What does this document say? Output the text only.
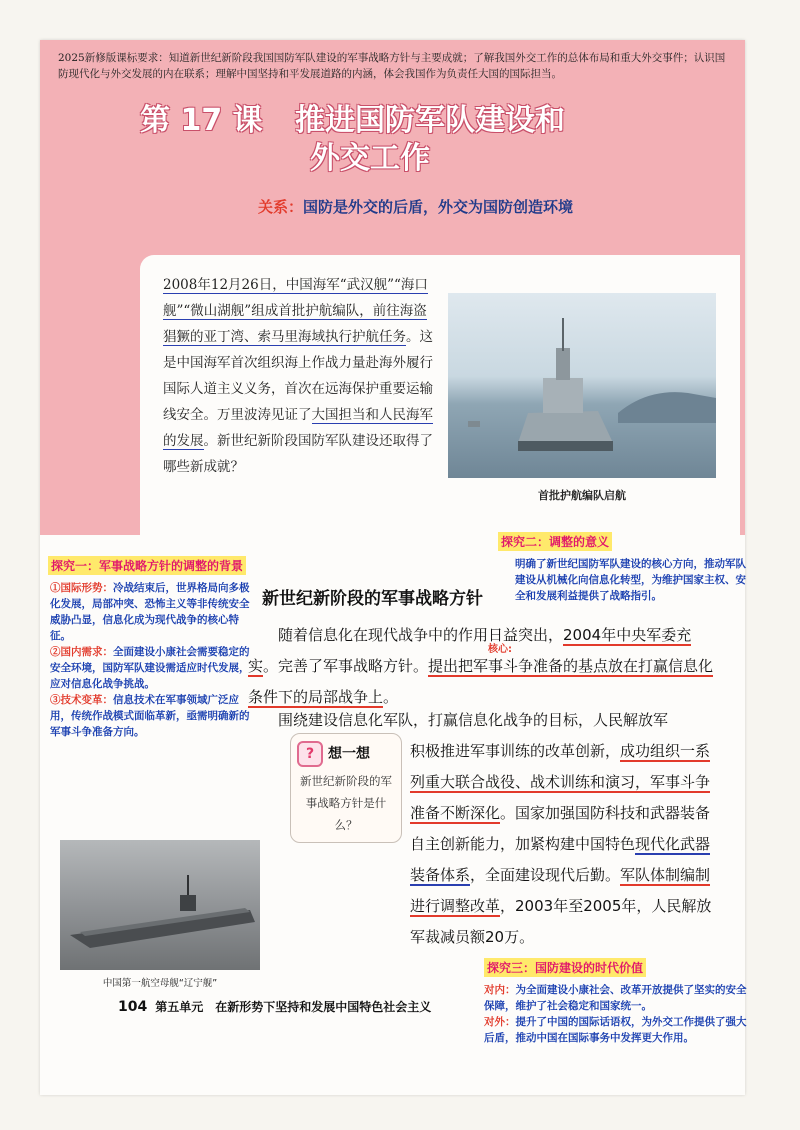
2025新修版课标要求：知道新世纪新阶段我国国防军队建设的军事战略方针与主要成就；了解我国外交工作的总体布局和重大外交事件；认识国防现代化与外交发展的内在联系；理解中国坚持和平发展道路的内涵，体会我国作为负责任大国的国际担当。
第 17 课 推进国防军队建设和
外交工作
关系：国防是外交的后盾，外交为国防创造环境
2008年12月26日，中国海军“武汉舰”“海口舰”“微山湖舰”组成首批护航编队，前往海盗猖獗的亚丁湾、索马里海域执行护航任务。这是中国海军首次组织海上作战力量赴海外履行国际人道主义义务，首次在远海保护重要运输线安全。万里波涛见证了大国担当和人民海军的发展。新世纪新阶段国防军队建设还取得了哪些新成就？
首批护航编队启航
探究一：军事战略方针的调整的背景
①国际形势：冷战结束后，世界格局向多极化发展，局部冲突、恐怖主义等非传统安全威胁凸显，信息化成为现代战争的核心特征。
②国内需求：全面建设小康社会需要稳定的安全环境，国防军队建设需适应时代发展，应对信息化战争挑战。
③技术变革：信息技术在军事领域广泛应用，传统作战模式面临革新，亟需明确新的军事斗争准备方向。
探究二：调整的意义
明确了新世纪国防军队建设的核心方向，推动军队建设从机械化向信息化转型，为维护国家主权、安全和发展利益提供了战略指引。
新世纪新阶段的军事战略方针
随着信息化在现代战争中的作用日益突出，2004年中央军委充实。完善了军事战略方针。提出把军事斗争准备的基点放在打赢信息化条件下的局部战争上。
核心:
围绕建设信息化军队，打赢信息化战争的目标，人民解放军
积极推进军事训练的改革创新，成功组织一系列重大联合战役、战术训练和演习，军事斗争准备不断深化。国家加强国防科技和武器装备自主创新能力，加紧构建中国特色现代化武器装备体系，全面建设现代后勤。军队体制编制进行调整改革，2003年至2005年，人民解放军裁减员额20万。
? 想一想
新世纪新阶段的军事战略方针是什么？
中国第一航空母舰“辽宁舰”
104 第五单元　在新形势下坚持和发展中国特色社会主义
探究三：国防建设的时代价值
对内：为全面建设小康社会、改革开放提供了坚实的安全保障，维护了社会稳定和国家统一。
对外：提升了中国的国际话语权，为外交工作提供了强大后盾，推动中国在国际事务中发挥更大作用。
